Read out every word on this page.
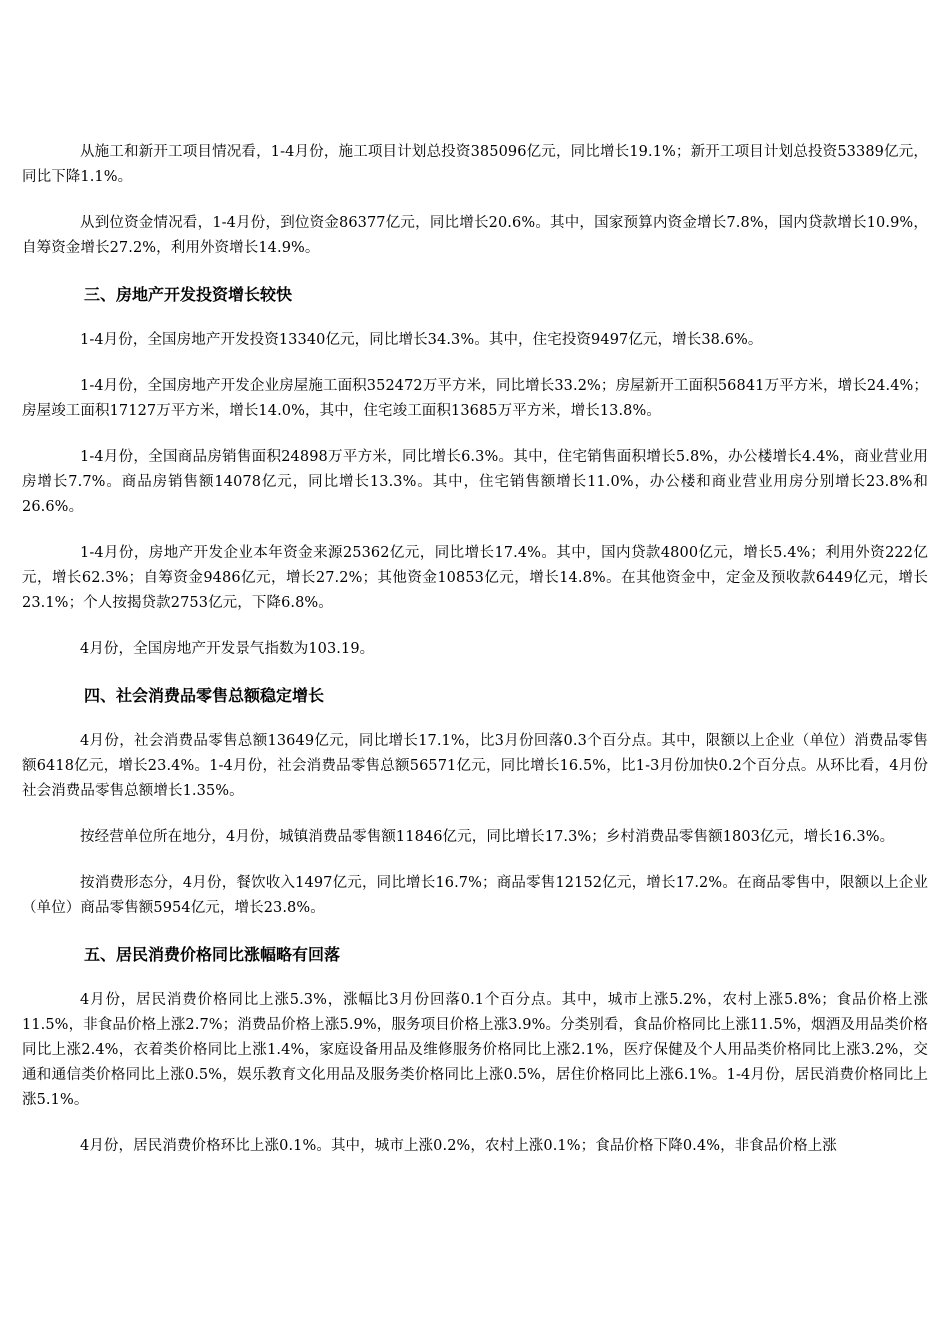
从施工和新开工项目情况看，1-4月份，施工项目计划总投资385096亿元，同比增长19.1%；新开工项目计划总投资53389亿元，同比下降1.1%。

从到位资金情况看，1-4月份，到位资金86377亿元，同比增长20.6%。其中，国家预算内资金增长7.8%，国内贷款增长10.9%，自筹资金增长27.2%，利用外资增长14.9%。

三、房地产开发投资增长较快

1-4月份，全国房地产开发投资13340亿元，同比增长34.3%。其中，住宅投资9497亿元，增长38.6%。

1-4月份，全国房地产开发企业房屋施工面积352472万平方米，同比增长33.2%；房屋新开工面积56841万平方米，增长24.4%；房屋竣工面积17127万平方米，增长14.0%，其中，住宅竣工面积13685万平方米，增长13.8%。

1-4月份，全国商品房销售面积24898万平方米，同比增长6.3%。其中，住宅销售面积增长5.8%，办公楼增长4.4%，商业营业用房增长7.7%。商品房销售额14078亿元，同比增长13.3%。其中，住宅销售额增长11.0%，办公楼和商业营业用房分别增长23.8%和26.6%。

1-4月份，房地产开发企业本年资金来源25362亿元，同比增长17.4%。其中，国内贷款4800亿元，增长5.4%；利用外资222亿元，增长62.3%；自筹资金9486亿元，增长27.2%；其他资金10853亿元，增长14.8%。在其他资金中，定金及预收款6449亿元，增长23.1%；个人按揭贷款2753亿元，下降6.8%。

4月份，全国房地产开发景气指数为103.19。

四、社会消费品零售总额稳定增长

4月份，社会消费品零售总额13649亿元，同比增长17.1%，比3月份回落0.3个百分点。其中，限额以上企业（单位）消费品零售额6418亿元，增长23.4%。1-4月份，社会消费品零售总额56571亿元，同比增长16.5%，比1-3月份加快0.2个百分点。从环比看，4月份社会消费品零售总额增长1.35%。

按经营单位所在地分，4月份，城镇消费品零售额11846亿元，同比增长17.3%；乡村消费品零售额1803亿元，增长16.3%。

按消费形态分，4月份，餐饮收入1497亿元，同比增长16.7%；商品零售12152亿元，增长17.2%。在商品零售中，限额以上企业（单位）商品零售额5954亿元，增长23.8%。

五、居民消费价格同比涨幅略有回落

4月份，居民消费价格同比上涨5.3%，涨幅比3月份回落0.1个百分点。其中，城市上涨5.2%，农村上涨5.8%；食品价格上涨11.5%，非食品价格上涨2.7%；消费品价格上涨5.9%，服务项目价格上涨3.9%。分类别看，食品价格同比上涨11.5%，烟酒及用品类价格同比上涨2.4%，衣着类价格同比上涨1.4%，家庭设备用品及维修服务价格同比上涨2.1%，医疗保健及个人用品类价格同比上涨3.2%，交通和通信类价格同比上涨0.5%，娱乐教育文化用品及服务类价格同比上涨0.5%，居住价格同比上涨6.1%。1-4月份，居民消费价格同比上涨5.1%。

4月份，居民消费价格环比上涨0.1%。其中，城市上涨0.2%，农村上涨0.1%；食品价格下降0.4%，非食品价格上涨
